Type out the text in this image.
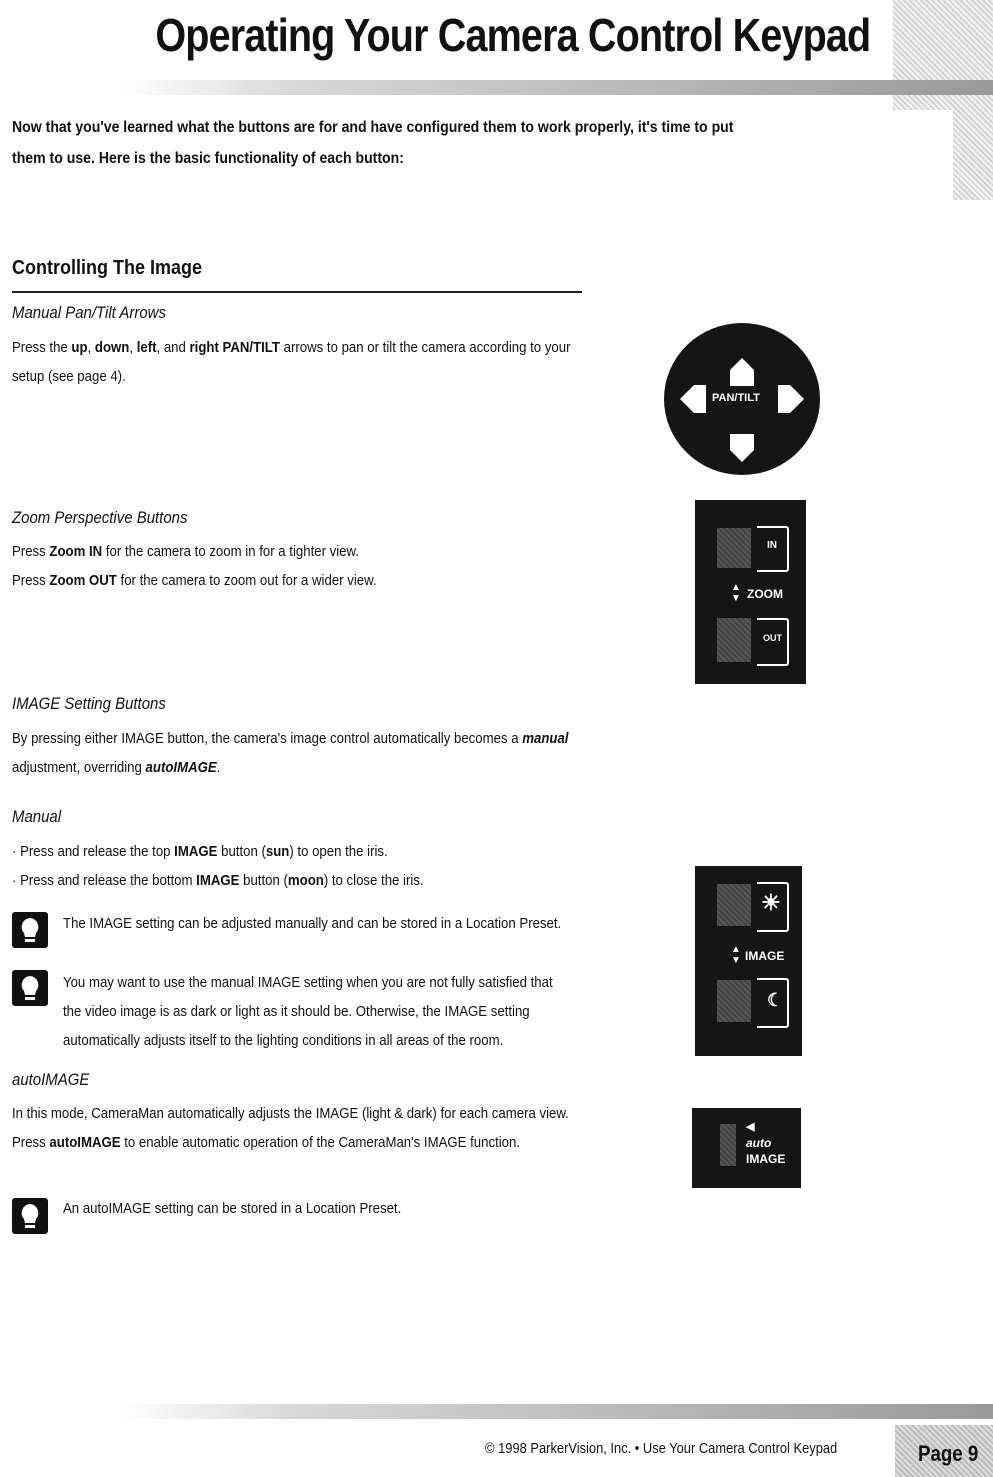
Operating Your Camera Control Keypad
Now that you've learned what the buttons are for and have configured them to work properly, it's time to put them to use. Here is the basic functionality of each button:
Controlling The Image
Manual Pan/Tilt Arrows
Press the up, down, left, and right PAN/TILT arrows to pan or tilt the camera according to your setup (see page 4).
PAN/TILT
Zoom Perspective Buttons
Press Zoom IN for the camera to zoom in for a tighter view.
Press Zoom OUT for the camera to zoom out for a wider view.
IN
▲
▼ ZOOM
OUT
IMAGE Setting Buttons
By pressing either IMAGE button, the camera's image control automatically becomes a manual adjustment, overriding autoIMAGE.
Manual
· Press and release the top IMAGE button (sun) to open the iris.
· Press and release the bottom IMAGE button (moon) to close the iris.
The IMAGE setting can be adjusted manually and can be stored in a Location Preset.
You may want to use the manual IMAGE setting when you are not fully satisfied that the video image is as dark or light as it should be. Otherwise, the IMAGE setting automatically adjusts itself to the lighting conditions in all areas of the room.
☀
▲
▼ IMAGE
☾
autoIMAGE
In this mode, CameraMan automatically adjusts the IMAGE (light & dark) for each camera view. Press autoIMAGE to enable automatic operation of the CameraMan's IMAGE function.
An autoIMAGE setting can be stored in a Location Preset.
◀
auto
IMAGE
© 1998 ParkerVision, Inc. • Use Your Camera Control Keypad	Page 9
